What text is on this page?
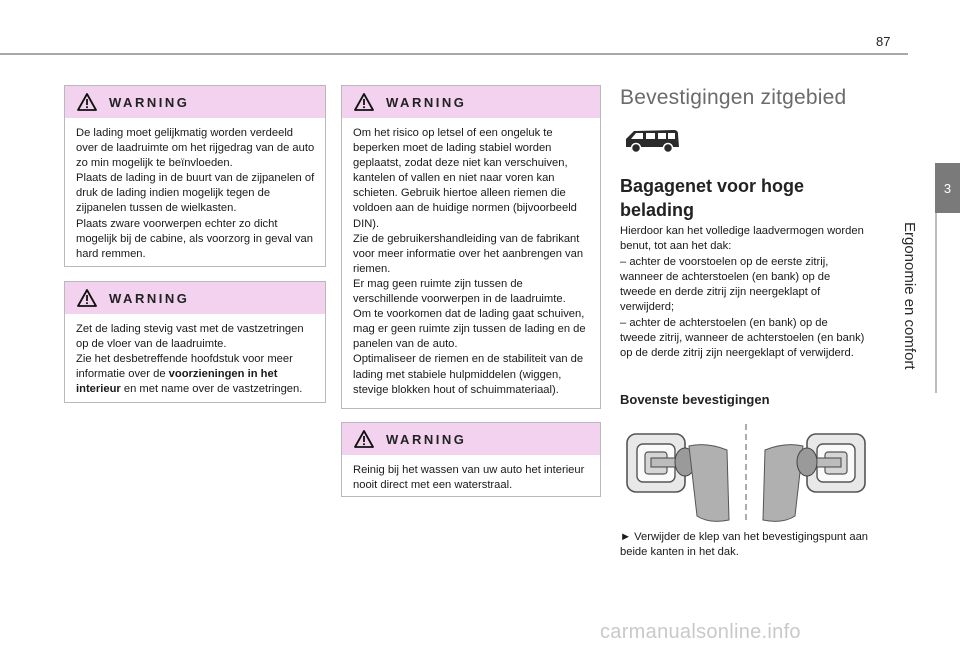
87
3
Ergonomie en comfort
WARNING

De lading moet gelijkmatig worden verdeeld over de laadruimte om het rijgedrag van de auto zo min mogelijk te beïnvloeden.

Plaats de lading in de buurt van de zijpanelen of druk de lading indien mogelijk tegen de zijpanelen tussen de wielkasten.

Plaats zware voorwerpen echter zo dicht mogelijk bij de cabine, als voorzorg in geval van hard remmen.

WARNING

Zet de lading stevig vast met de vastzetringen op de vloer van de laadruimte.

Zie het desbetreffende hoofdstuk voor meer informatie over de voorzieningen in het interieur en met name over de vastzetringen.

WARNING

Om het risico op letsel of een ongeluk te beperken moet de lading stabiel worden geplaatst, zodat deze niet kan verschuiven, kantelen of vallen en niet naar voren kan schieten. Gebruik hiertoe alleen riemen die voldoen aan de huidige normen (bijvoorbeeld DIN).

Zie de gebruikershandleiding van de fabrikant voor meer informatie over het aanbrengen van riemen.

Er mag geen ruimte zijn tussen de verschillende voorwerpen in de laadruimte.

Om te voorkomen dat de lading gaat schuiven, mag er geen ruimte zijn tussen de lading en de panelen van de auto.

Optimaliseer de riemen en de stabiliteit van de lading met stabiele hulpmiddelen (wiggen, stevige blokken hout of schuimmateriaal).

WARNING

Reinig bij het wassen van uw auto het interieur nooit direct met een waterstraal.

Bevestigingen zitgebied
Bagagenet voor hoge belading

Hierdoor kan het volledige laadvermogen worden benut, tot aan het dak:

– achter de voorstoelen op de eerste zitrij, wanneer de achterstoelen (en bank) op de tweede en derde zitrij zijn neergeklapt of verwijderd;

– achter de achterstoelen (en bank) op de tweede zitrij, wanneer de achterstoelen (en bank) op de derde zitrij zijn neergeklapt of verwijderd.

Bovenste bevestigingen
► Verwijder de klep van het bevestigingspunt aan beide kanten in het dak.
carmanualsonline.info
